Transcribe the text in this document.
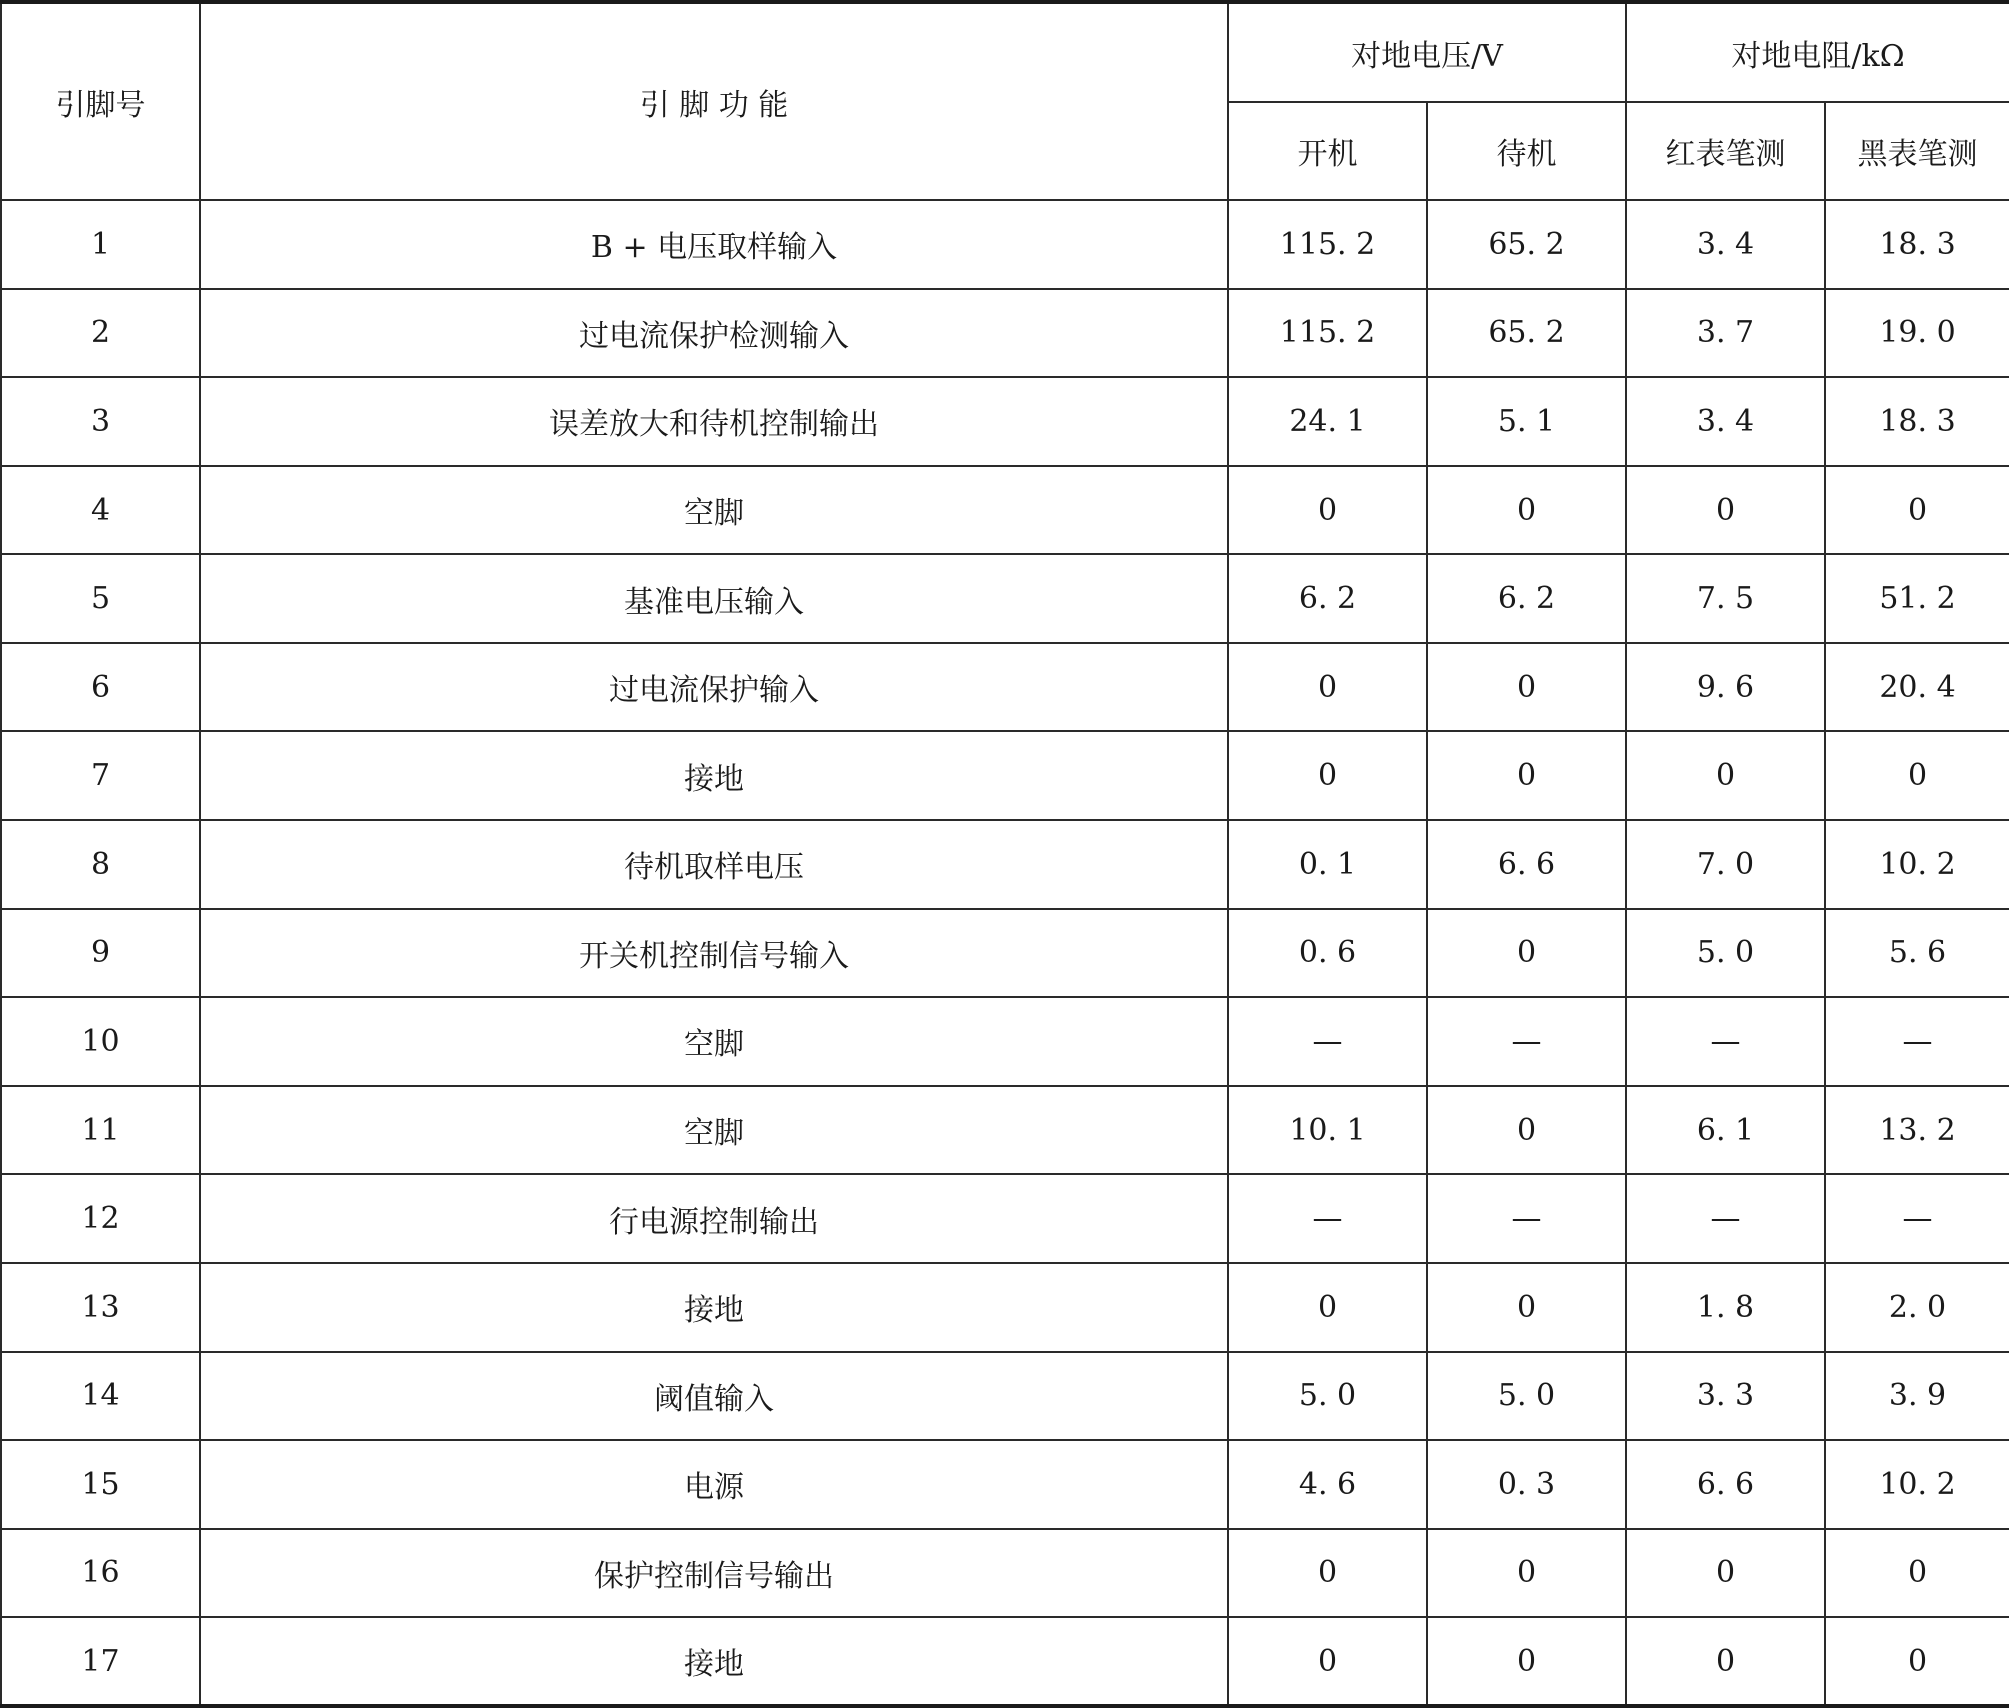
引脚号	引 脚 功 能	对地电压/V		对地电阻/kΩ	
		开机	待机	红表笔测	黑表笔测
1	B + 电压取样输入	115. 2	65. 2	3. 4	18. 3
2	过电流保护检测输入	115. 2	65. 2	3. 7	19. 0
3	误差放大和待机控制输出	24. 1	5. 1	3. 4	18. 3
4	空脚	0	0	0	0
5	基准电压输入	6. 2	6. 2	7. 5	51. 2
6	过电流保护输入	0	0	9. 6	20. 4
7	接地	0	0	0	0
8	待机取样电压	0. 1	6. 6	7. 0	10. 2
9	开关机控制信号输入	0. 6	0	5. 0	5. 6
10	空脚	—	—	—	—
11	空脚	10. 1	0	6. 1	13. 2
12	行电源控制输出	—	—	—	—
13	接地	0	0	1. 8	2. 0
14	阈值输入	5. 0	5. 0	3. 3	3. 9
15	电源	4. 6	0. 3	6. 6	10. 2
16	保护控制信号输出	0	0	0	0
17	接地	0	0	0	0
